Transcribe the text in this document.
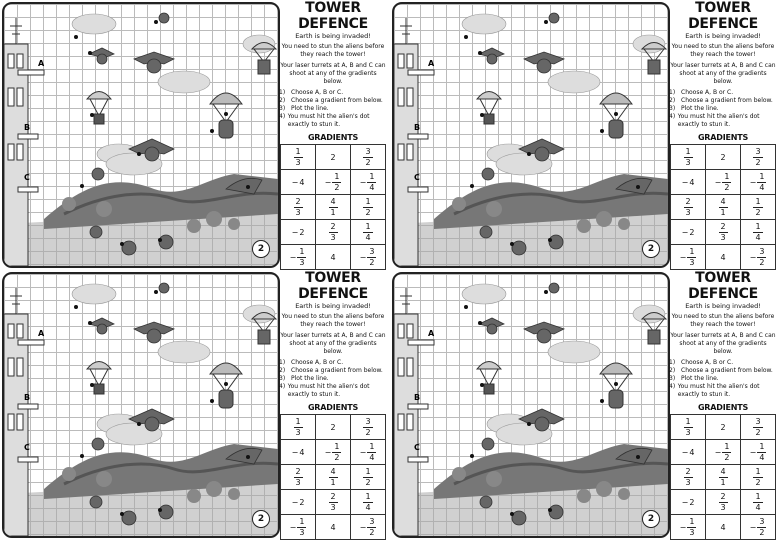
A
B
C
2
TOWER DEFENCE
Earth is being invaded!
You need to stun the aliens before they reach the tower!
Your laser turrets at A, B and C can shoot at any of the gradients below.
1) Choose A, B or C.
2) Choose a gradient from below.
3) Plot the line.
4) You must hit the alien's dot exactly to stun it.
GRADIENTS
$\frac{1}{3}$	2	$\frac{3}{2}$

−4	− $\frac{1}{2}$	− $\frac{1}{4}$

$\frac{2}{3}$	$\frac{4}{1}$	$\frac{1}{2}$

−2	$\frac{2}{3}$	$\frac{1}{4}$

− $\frac{1}{3}$	4	− $\frac{3}{2}$
A
B
C
2
TOWER DEFENCE
Earth is being invaded!
You need to stun the aliens before they reach the tower!
Your laser turrets at A, B and C can shoot at any of the gradients below.
1) Choose A, B or C.
2) Choose a gradient from below.
3) Plot the line.
4) You must hit the alien's dot exactly to stun it.
GRADIENTS
$\frac{1}{3}$	2	$\frac{3}{2}$

−4	− $\frac{1}{2}$	− $\frac{1}{4}$

$\frac{2}{3}$	$\frac{4}{1}$	$\frac{1}{2}$

−2	$\frac{2}{3}$	$\frac{1}{4}$

− $\frac{1}{3}$	4	− $\frac{3}{2}$
A
B
C
2
TOWER DEFENCE
Earth is being invaded!
You need to stun the aliens before they reach the tower!
Your laser turrets at A, B and C can shoot at any of the gradients below.
1) Choose A, B or C.
2) Choose a gradient from below.
3) Plot the line.
4) You must hit the alien's dot exactly to stun it.
GRADIENTS
$\frac{1}{3}$	2	$\frac{3}{2}$

−4	− $\frac{1}{2}$	− $\frac{1}{4}$

$\frac{2}{3}$	$\frac{4}{1}$	$\frac{1}{2}$

−2	$\frac{2}{3}$	$\frac{1}{4}$

− $\frac{1}{3}$	4	− $\frac{3}{2}$
A
B
C
2
TOWER DEFENCE
Earth is being invaded!
You need to stun the aliens before they reach the tower!
Your laser turrets at A, B and C can shoot at any of the gradients below.
1) Choose A, B or C.
2) Choose a gradient from below.
3) Plot the line.
4) You must hit the alien's dot exactly to stun it.
GRADIENTS
$\frac{1}{3}$	2	$\frac{3}{2}$

−4	− $\frac{1}{2}$	− $\frac{1}{4}$

$\frac{2}{3}$	$\frac{4}{1}$	$\frac{1}{2}$

−2	$\frac{2}{3}$	$\frac{1}{4}$

− $\frac{1}{3}$	4	− $\frac{3}{2}$
